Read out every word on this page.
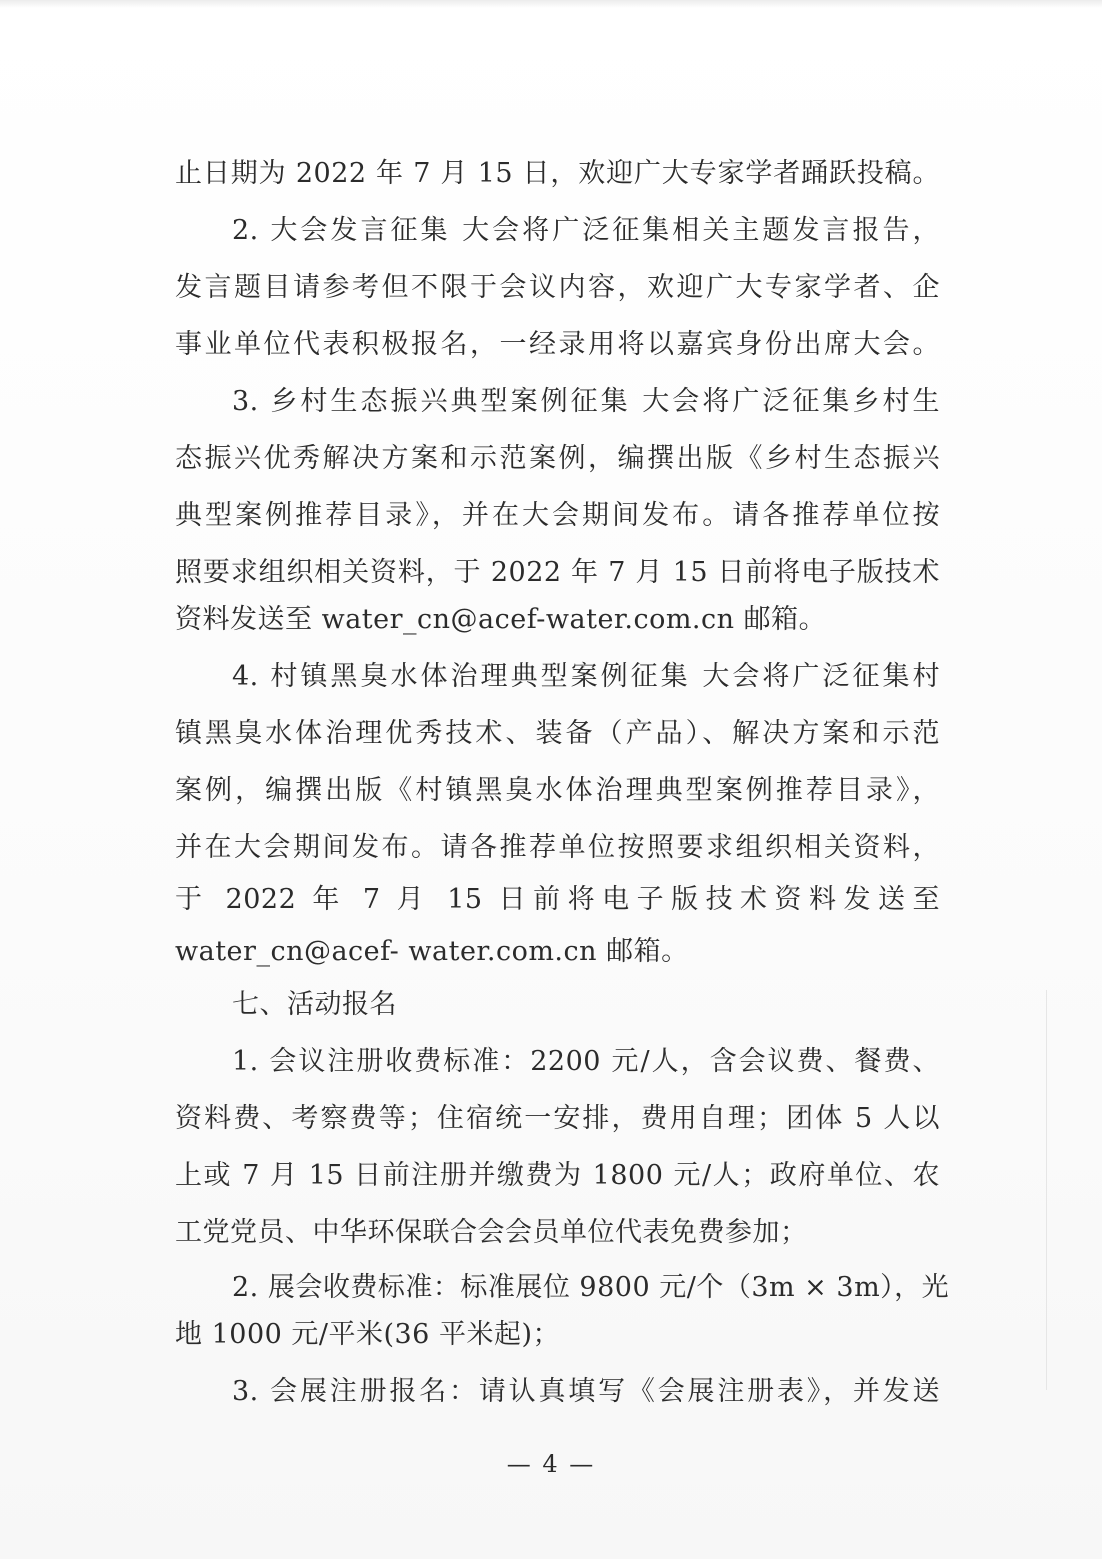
止日期为 2022 年 7 月 15 日，欢迎广大专家学者踊跃投稿。
2. 大会发言征集 大会将广泛征集相关主题发言报告，
发言题目请参考但不限于会议内容，欢迎广大专家学者、企
事业单位代表积极报名，一经录用将以嘉宾身份出席大会。
3. 乡村生态振兴典型案例征集 大会将广泛征集乡村生
态振兴优秀解决方案和示范案例，编撰出版《乡村生态振兴
典型案例推荐目录》，并在大会期间发布。请各推荐单位按
照要求组织相关资料，于 2022 年 7 月 15 日前将电子版技术
资料发送至 water_cn@acef-water.com.cn 邮箱。
4. 村镇黑臭水体治理典型案例征集 大会将广泛征集村
镇黑臭水体治理优秀技术、装备（产品）、解决方案和示范
案例，编撰出版《村镇黑臭水体治理典型案例推荐目录》，
并在大会期间发布。请各推荐单位按照要求组织相关资料，
于 2022 年 7 月 15 日前将电子版技术资料发送至
water_cn@acef- water.com.cn 邮箱。
七、活动报名
1. 会议注册收费标准：2200 元/人，含会议费、餐费、
资料费、考察费等；住宿统一安排，费用自理；团体 5 人以
上或 7 月 15 日前注册并缴费为 1800 元/人；政府单位、农
工党党员、中华环保联合会会员单位代表免费参加；
2. 展会收费标准：标准展位 9800 元/个（3m × 3m），光
地 1000 元/平米(36 平米起)；
3. 会展注册报名：请认真填写《会展注册表》，并发送
— 4 —
